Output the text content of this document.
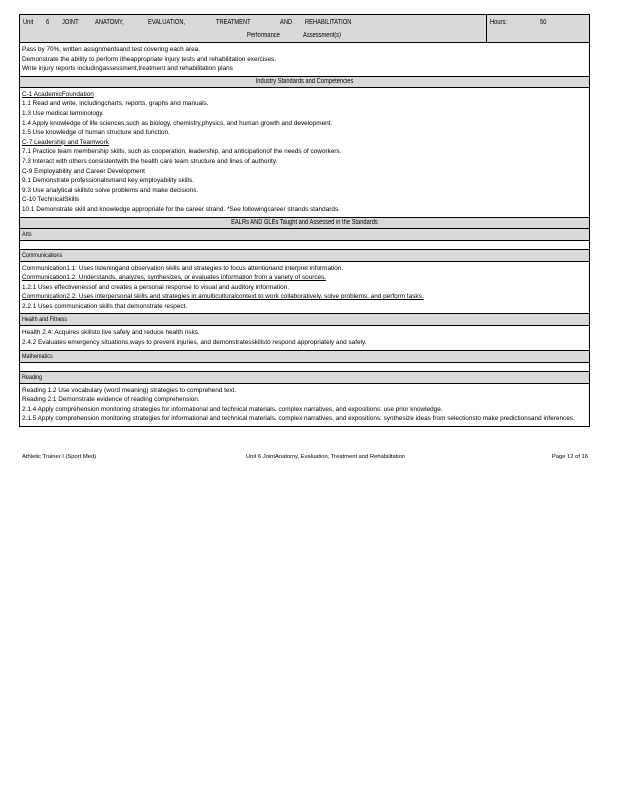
Unit 6 JOINT ANATOMY,	EVALUATION,	TREATMENT	AND REHABILITATION
Performance	Assessment(s)
Hours:	50
Pass by 70%, written assignmentsand test covering each area.
Demonstrate the ability to perform itheappropriate injury tests and rehabilitation exercises.
Write injury reports includingassessment,treatment and rehabilitation plans
Industry Standards and Competencies
C-1 AcademicFoundation
1.1 Read and write, includingcharts, reports, graphs and manuals.
1.3 Use medical terminology.
1.4 Apply knowledge of life sciences,such as biology, chemistry,physics, and human growth and development.
1.5 Use knowledge of human structure and function.
C-7 Leadership and Teamwork
7.1 Practice team membership skills, such as cooperation, leadership, and anticipationof the needs of coworkers.
7.3 Interact with others consistentwith the health care team structure and lines of authority.
C-9 Employability and Career Development
9.1 Demonstrate professionalismand key employability skills.
9.3 Use analytical skillsto solve problems and make decisions.
C-10 TechnicalSkills
10.1 Demonstrate skill and knowledge appropriate for the career strand. *See followingcareer strands standards.
EALRs AND GLEs Taught and Assessed in the Standards
Arts
Communications
Communication1.1: Uses listeningand observation skills and strategies to focus attentionand interpret information.
Communication1.2: Understands, analyzes, synthesizes, or evaluates information from a variety of sources.
1.2.1 Uses effectivenessof and creates a personal response to visual and auditory information.
Communication2.2: Uses interpersonal skills and strategies in amulticulturalcontext to work collaboratively, solve problems, and perform tasks.
2.2.1 Uses communication skills that demonstrate respect.
Health and Fitness
Health 2.4: Acquires skillsto live safely and reduce health risks.
2.4.2 Evaluates emergency situations,ways to prevent injuries, and demonstratesskillsto respond appropriately and safely.
Mathematics
Reading
Reading 1.2 Use vocabulary (word meaning) strategies to comprehend text.
Reading 2.1 Demonstrate evidence of reading comprehension.
2.1.4 Apply comprehension monitoring strategies for informational and technical materials, complex narratives, and expositions: use prior knowledge.
2.1.5 Apply comprehension monitoring strategies for informational and technical materials, complex narratives, and expositions: synthesize ideas from selectionsto make predictionsand inferences.
Athletic Trainer I (Sport Med)	Unit 6 JointAnatomy, Evaluation, Treatment and Rehabilitation	Page 12 of 16
